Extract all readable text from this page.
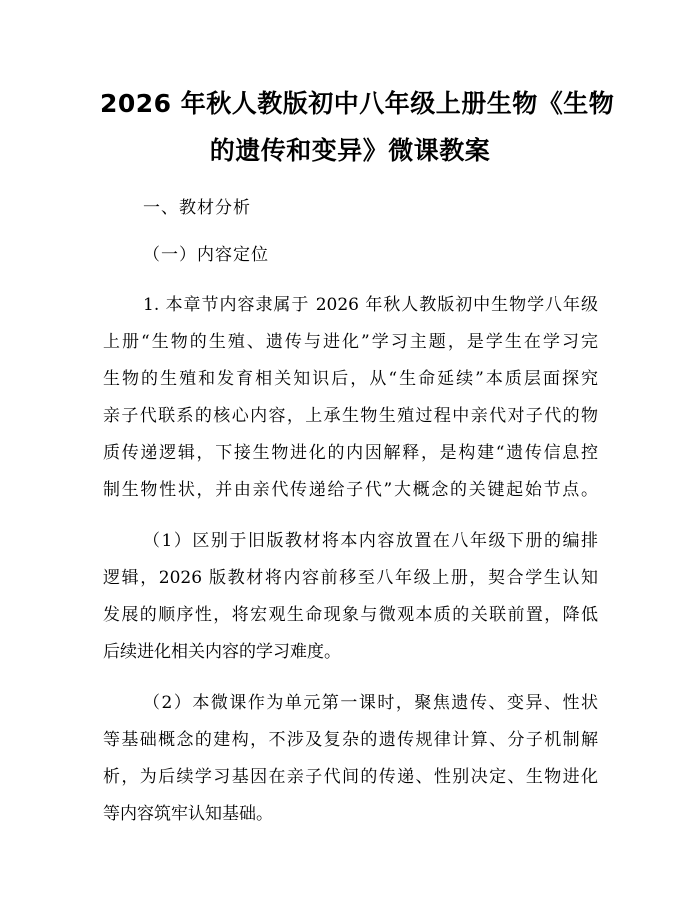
2026 年秋人教版初中八年级上册生物《生物
的遗传和变异》微课教案
一、教材分析
（一）内容定位
1. 本章节内容隶属于 2026 年秋人教版初中生物学八年级
上册“生物的生殖、遗传与进化”学习主题，是学生在学习完
生物的生殖和发育相关知识后，从“生命延续”本质层面探究
亲子代联系的核心内容，上承生物生殖过程中亲代对子代的物
质传递逻辑，下接生物进化的内因解释，是构建“遗传信息控
制生物性状，并由亲代传递给子代”大概念的关键起始节点。
（1）区别于旧版教材将本内容放置在八年级下册的编排
逻辑，2026 版教材将内容前移至八年级上册，契合学生认知
发展的顺序性，将宏观生命现象与微观本质的关联前置，降低
后续进化相关内容的学习难度。
（2）本微课作为单元第一课时，聚焦遗传、变异、性状
等基础概念的建构，不涉及复杂的遗传规律计算、分子机制解
析，为后续学习基因在亲子代间的传递、性别决定、生物进化
等内容筑牢认知基础。
